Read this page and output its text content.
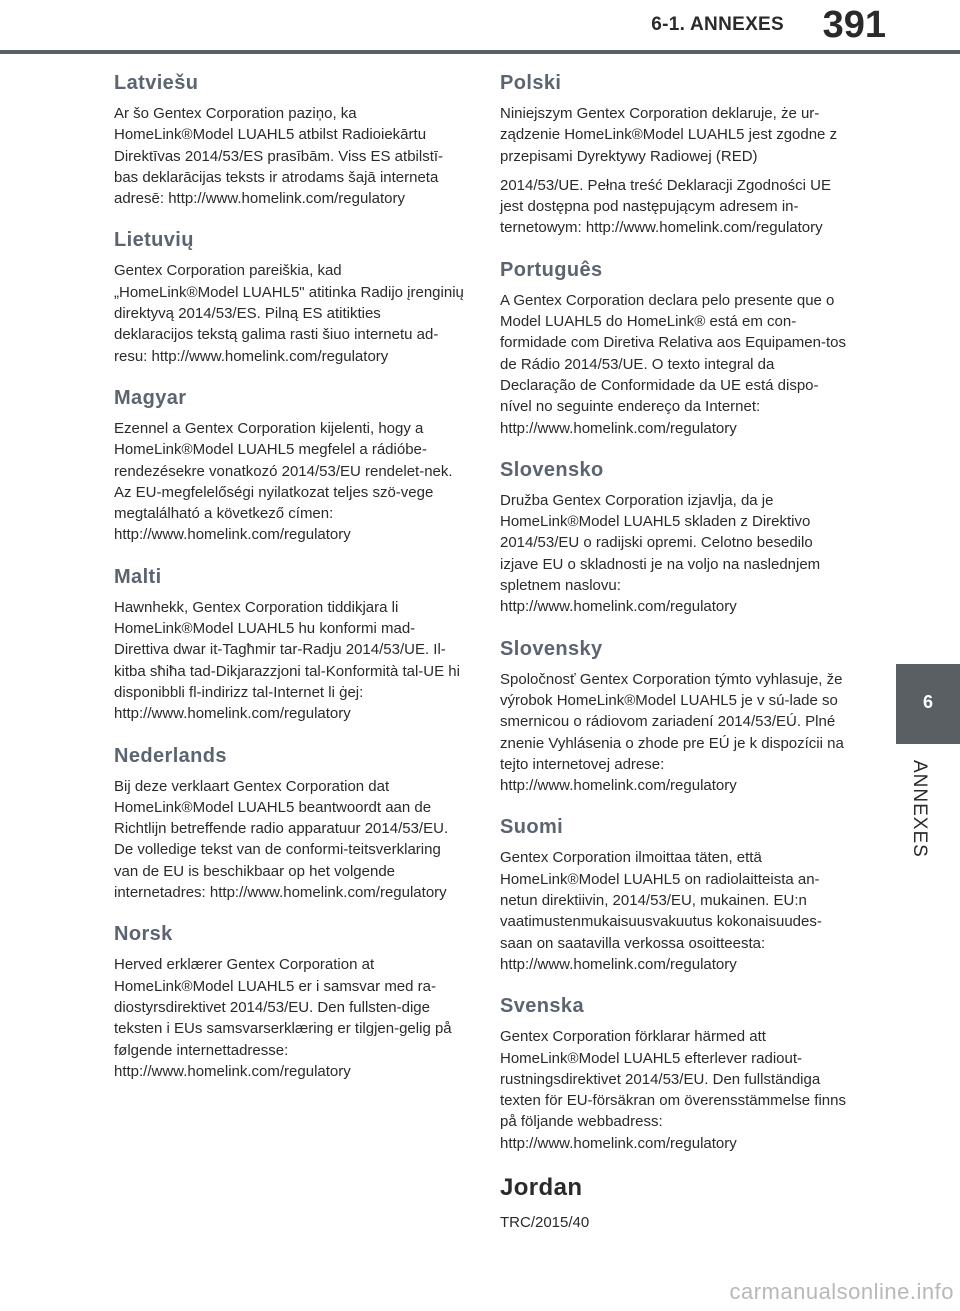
6-1. ANNEXES 391
6
ANNEXES
Latviešu

Ar šo Gentex Corporation paziņo, ka HomeLink®Model LUAHL5 atbilst Radioiekārtu Direktīvas 2014/53/ES prasībām. Viss ES atbilstī-bas deklarācijas teksts ir atrodams šajā interneta adresē: http://www.homelink.com/regulatory

Lietuvių

Gentex Corporation pareiškia, kad „HomeLink®Model LUAHL5" atitinka Radijo įrenginių direktyvą 2014/53/ES. Pilną ES atitikties deklaracijos tekstą galima rasti šiuo internetu ad-resu: http://www.homelink.com/regulatory

Magyar

Ezennel a Gentex Corporation kijelenti, hogy a HomeLink®Model LUAHL5 megfelel a rádióbe-rendezésekre vonatkozó 2014/53/EU rendelet-nek. Az EU-megfelelőségi nyilatkozat teljes szö-vege megtalálható a következő címen: http://www.homelink.com/regulatory

Malti

Hawnhekk, Gentex Corporation tiddikjara li HomeLink®Model LUAHL5 hu konformi mad-Direttiva dwar it-Tagħmir tar-Radju 2014/53/UE. Il-kitba sħiħa tad-Dikjarazzjoni tal-Konformità tal-UE hi disponibbli fl-indirizz tal-Internet li ġej: http://www.homelink.com/regulatory

Nederlands

Bij deze verklaart Gentex Corporation dat HomeLink®Model LUAHL5 beantwoordt aan de Richtlijn betreffende radio apparatuur 2014/53/EU. De volledige tekst van de conformi-teitsverklaring van de EU is beschikbaar op het volgende internetadres: http://www.homelink.com/regulatory

Norsk

Herved erklærer Gentex Corporation at HomeLink®Model LUAHL5 er i samsvar med ra-diostyrsdirektivet 2014/53/EU. Den fullsten-dige teksten i EUs samsvarserklæring er tilgjen-gelig på følgende internettadresse: http://www.homelink.com/regulatory

Polski

Niniejszym Gentex Corporation deklaruje, że ur-ządzenie HomeLink®Model LUAHL5 jest zgodne z przepisami Dyrektywy Radiowej (RED)

2014/53/UE. Pełna treść Deklaracji Zgodności UE jest dostępna pod następującym adresem in-ternetowym: http://www.homelink.com/regulatory

Português

A Gentex Corporation declara pelo presente que o Model LUAHL5 do HomeLink® está em con-formidade com Diretiva Relativa aos Equipamen-tos de Rádio 2014/53/UE. O texto integral da Declaração de Conformidade da UE está dispo-nível no seguinte endereço da Internet: http://www.homelink.com/regulatory

Slovensko

Družba Gentex Corporation izjavlja, da je HomeLink®Model LUAHL5 skladen z Direktivo 2014/53/EU o radijski opremi. Celotno besedilo izjave EU o skladnosti je na voljo na naslednjem spletnem naslovu: http://www.homelink.com/regulatory

Slovensky

Spoločnosť Gentex Corporation týmto vyhlasuje, že výrobok HomeLink®Model LUAHL5 je v sú-lade so smernicou o rádiovom zariadení 2014/53/EÚ. Plné znenie Vyhlásenia o zhode pre EÚ je k dispozícii na tejto internetovej adrese: http://www.homelink.com/regulatory

Suomi

Gentex Corporation ilmoittaa täten, että HomeLink®Model LUAHL5 on radiolaitteista an-netun direktiivin, 2014/53/EU, mukainen. EU:n vaatimustenmukaisuusvakuutus kokonaisuudes-saan on saatavilla verkossa osoitteesta: http://www.homelink.com/regulatory

Svenska

Gentex Corporation förklarar härmed att HomeLink®Model LUAHL5 efterlever radiout-rustningsdirektivet 2014/53/EU. Den fullständiga texten för EU-försäkran om överensstämmelse finns på följande webbadress: http://www.homelink.com/regulatory

Jordan

TRC/2015/40

carmanualsonline.info
